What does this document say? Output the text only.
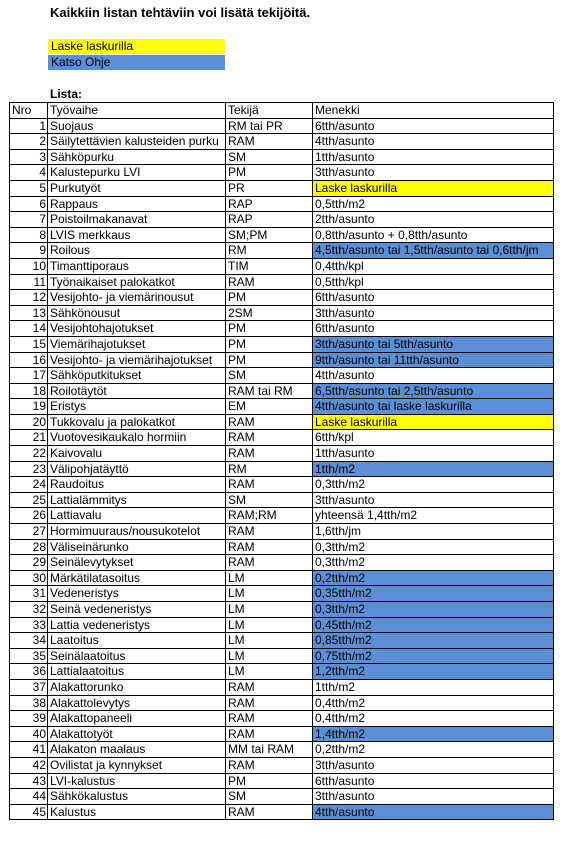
Kaikkiin listan tehtäviin voi lisätä tekijöitä.
Laske laskurilla
Katso Ohje
Lista:
Nro	Työvaihe	Tekijä	Menekki
1	Suojaus	RM tai PR	6tth/asunto
2	Säilytettävien kalusteiden purku	RAM	4tth/asunto
3	Sähköpurku	SM	1tth/asunto
4	Kalustepurku LVI	PM	3tth/asunto
5	Purkutyöt	PR	Laske laskurilla
6	Rappaus	RAP	0,5tth/m2
7	Poistoilmakanavat	RAP	2tth/asunto
8	LVIS merkkaus	SM;PM	0,8tth/asunto + 0,8tth/asunto
9	Roilous	RM	4,5tth/asunto tai 1,5tth/asunto tai 0,6tth/jm
10	Timanttiporaus	TIM	0,4tth/kpl
11	Työnaikaiset palokatkot	RAM	0,5tth/kpl
12	Vesijohto- ja viemärinousut	PM	6tth/asunto
13	Sähkönousut	2SM	3tth/asunto
14	Vesijohtohajotukset	PM	6tth/asunto
15	Viemärihajotukset	PM	3tth/asunto tai 5tth/asunto
16	Vesijohto- ja viemärihajotukset	PM	9tth/asunto tai 11tth/asunto
17	Sähköputkitukset	SM	4tth/asunto
18	Roilotäytöt	RAM tai RM	6,5tth/asunto tai 2,5tth/asunto
19	Eristys	EM	4tth/asunto tai laske laskurilla
20	Tukkovalu ja palokatkot	RAM	Laske laskurilla
21	Vuotovesikaukalo hormiin	RAM	6tth/kpl
22	Kaivovalu	RAM	1tth/asunto
23	Välipohjatäyttö	RM	1tth/m2
24	Raudoitus	RAM	0,3tth/m2
25	Lattialämmitys	SM	3tth/asunto
26	Lattiavalu	RAM;RM	yhteensä 1,4tth/m2
27	Hormimuuraus/nousukotelot	RAM	1,6tth/jm
28	Väliseinärunko	RAM	0,3tth/m2
29	Seinälevytykset	RAM	0,3tth/m2
30	Märkätilatasoitus	LM	0,2tth/m2
31	Vedeneristys	LM	0,35tth/m2
32	Seinä vedeneristys	LM	0,3tth/m2
33	Lattia vedeneristys	LM	0,45tth/m2
34	Laatoitus	LM	0,85tth/m2
35	Seinälaatoitus	LM	0,75tth/m2
36	Lattialaatoitus	LM	1,2tth/m2
37	Alakattorunko	RAM	1tth/m2
38	Alakattolevytys	RAM	0,4tth/m2
39	Alakattopaneeli	RAM	0,4tth/m2
40	Alakattotyöt	RAM	1,4tth/m2
41	Alakaton maalaus	MM tai RAM	0,2tth/m2
42	Ovilistat ja kynnykset	RAM	3tth/asunto
43	LVI-kalustus	PM	6tth/asunto
44	Sähkökalustus	SM	3tth/asunto
45	Kalustus	RAM	4tth/asunto
